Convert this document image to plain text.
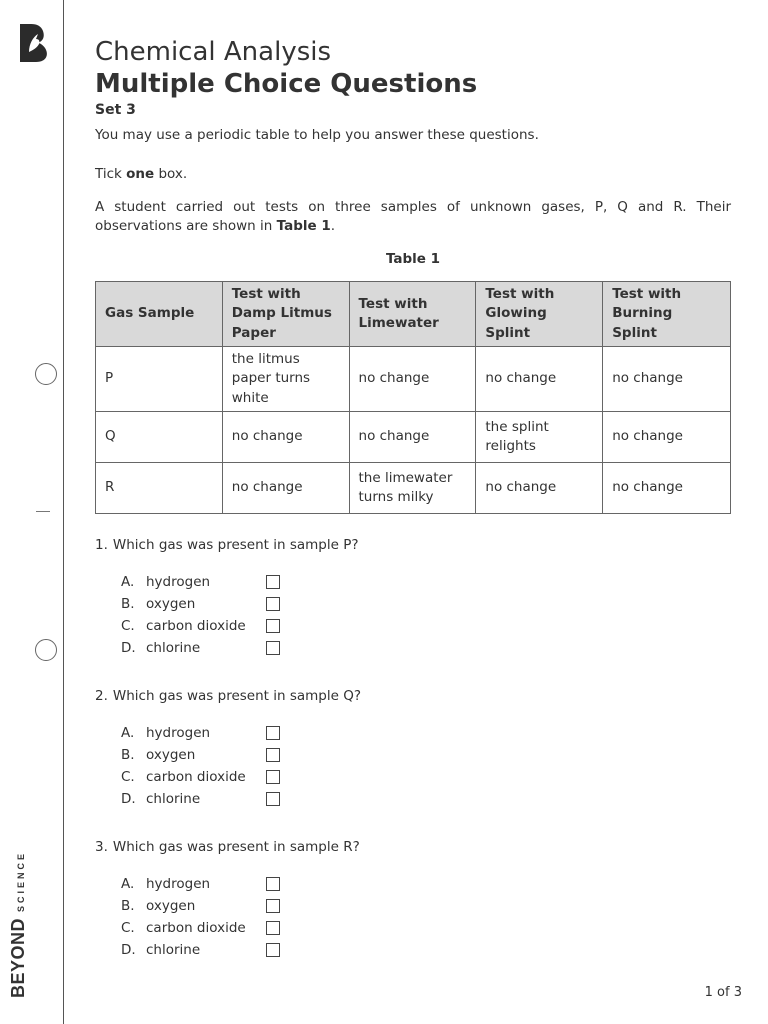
BEYONDSCIENCE
Chemical Analysis
Multiple Choice Questions
Set 3

You may use a periodic table to help you answer these questions.

Tick one box.

A student carried out tests on three samples of unknown gases, P, Q and R. Their observations are shown in Table 1.

Table 1
Gas Sample	Test with Damp Litmus Paper	Test with Limewater	Test with Glowing Splint	Test with Burning Splint
P	the litmus paper turns white	no change	no change	no change
Q	no change	no change	the splint relights	no change
R	no change	the limewater turns milky	no change	no change
1. Which gas was present in sample P?
A. hydrogen
B. oxygen
C. carbon dioxide
D. chlorine
2. Which gas was present in sample Q?
A. hydrogen
B. oxygen
C. carbon dioxide
D. chlorine
3. Which gas was present in sample R?
A. hydrogen
B. oxygen
C. carbon dioxide
D. chlorine
1 of 3
